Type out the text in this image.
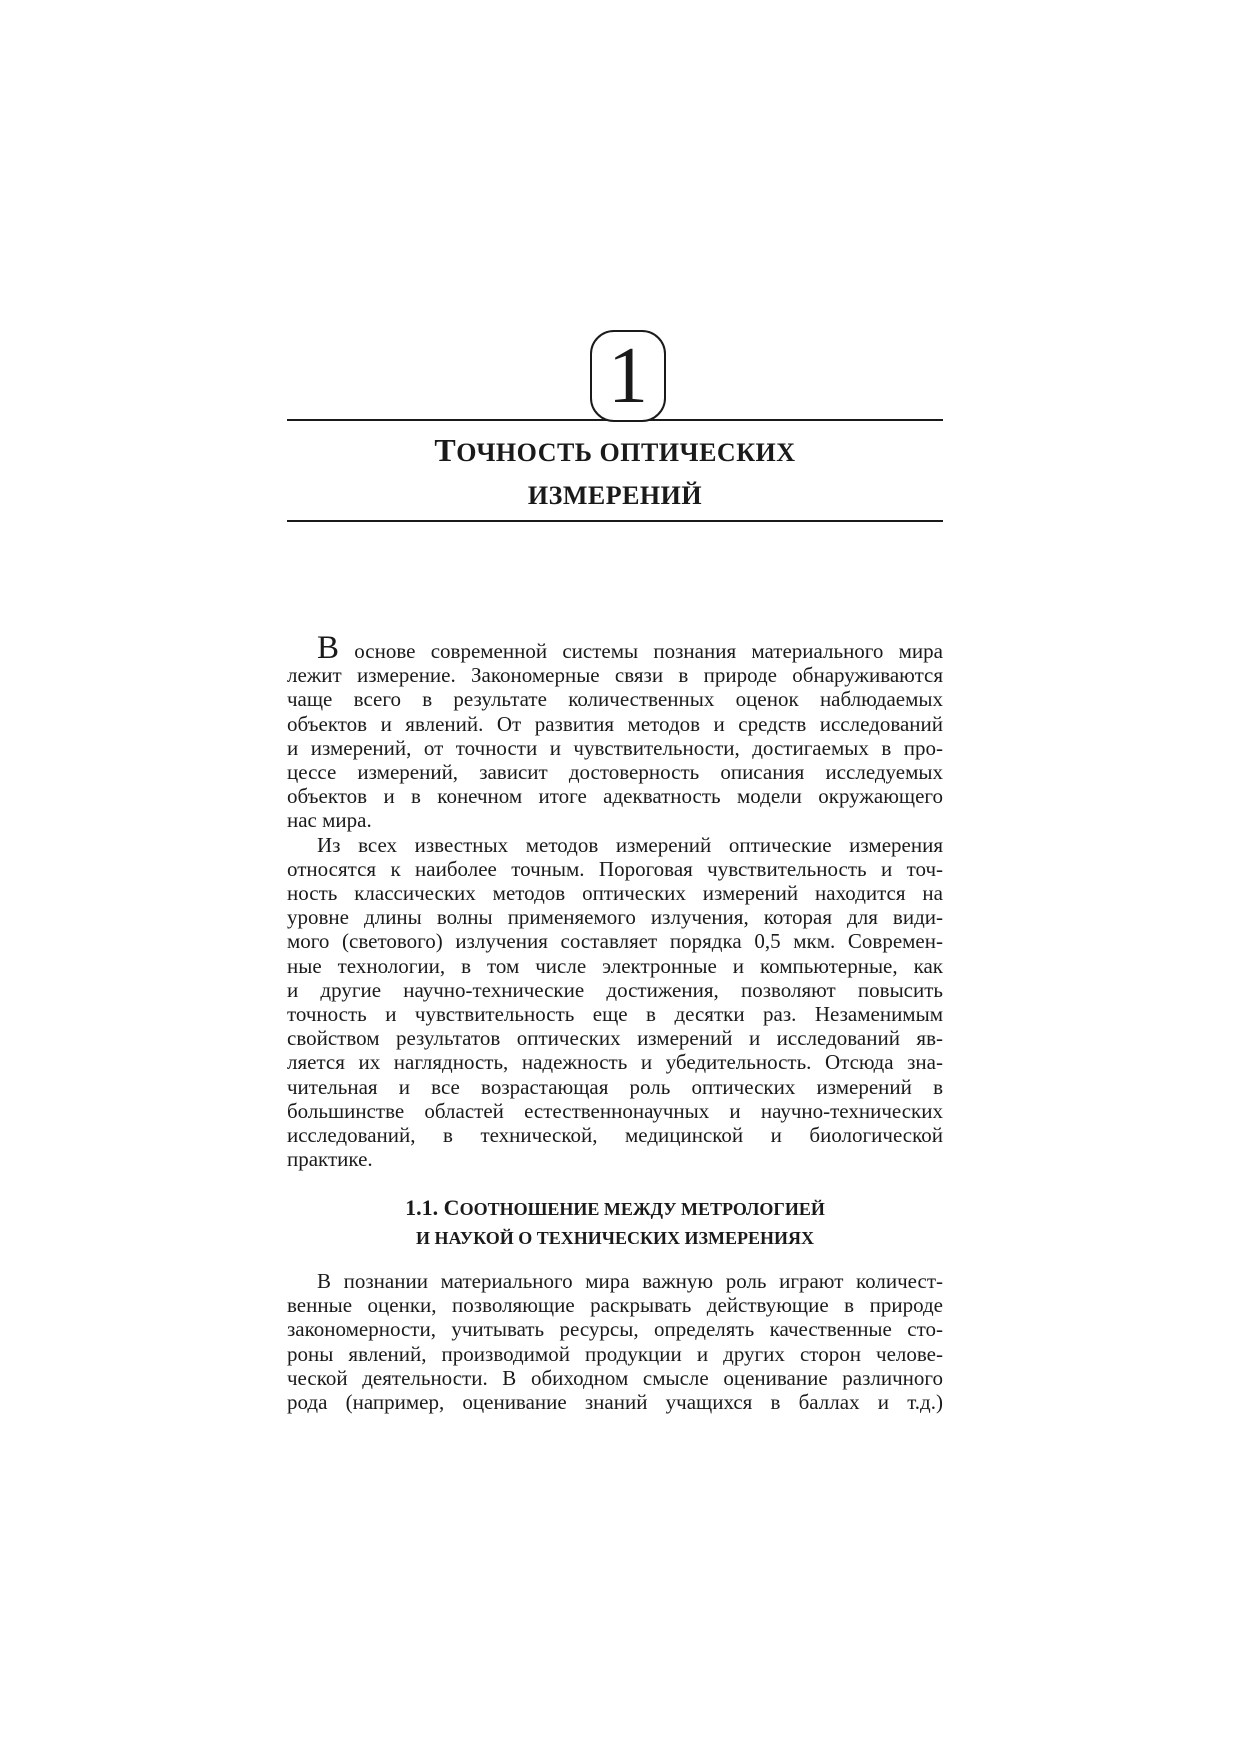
1
ТОЧНОСТЬ ОПТИЧЕСКИХ
ИЗМЕРЕНИЙ
В основе современной системы познания материального мира
лежит измерение. Закономерные связи в природе обнаруживаются
чаще всего в результате количественных оценок наблюдаемых
объектов и явлений. От развития методов и средств исследований
и измерений, от точности и чувствительности, достигаемых в про-
цессе измерений, зависит достоверность описания исследуемых
объектов и в конечном итоге адекватность модели окружающего
нас мира.
Из всех известных методов измерений оптические измерения
относятся к наиболее точным. Пороговая чувствительность и точ-
ность классических методов оптических измерений находится на
уровне длины волны применяемого излучения, которая для види-
мого (светового) излучения составляет порядка 0,5 мкм. Современ-
ные технологии, в том числе электронные и компьютерные, как
и другие научно-технические достижения, позволяют повысить
точность и чувствительность еще в десятки раз. Незаменимым
свойством результатов оптических измерений и исследований яв-
ляется их наглядность, надежность и убедительность. Отсюда зна-
чительная и все возрастающая роль оптических измерений в
большинстве областей естественнонаучных и научно-технических
исследований, в технической, медицинской и биологической
практике.
1.1. СООТНОШЕНИЕ МЕЖДУ МЕТРОЛОГИЕЙ
И НАУКОЙ О ТЕХНИЧЕСКИХ ИЗМЕРЕНИЯХ
В познании материального мира важную роль играют количест-
венные оценки, позволяющие раскрывать действующие в природе
закономерности, учитывать ресурсы, определять качественные сто-
роны явлений, производимой продукции и других сторон челове-
ческой деятельности. В обиходном смысле оценивание различного
рода (например, оценивание знаний учащихся в баллах и т.д.)
